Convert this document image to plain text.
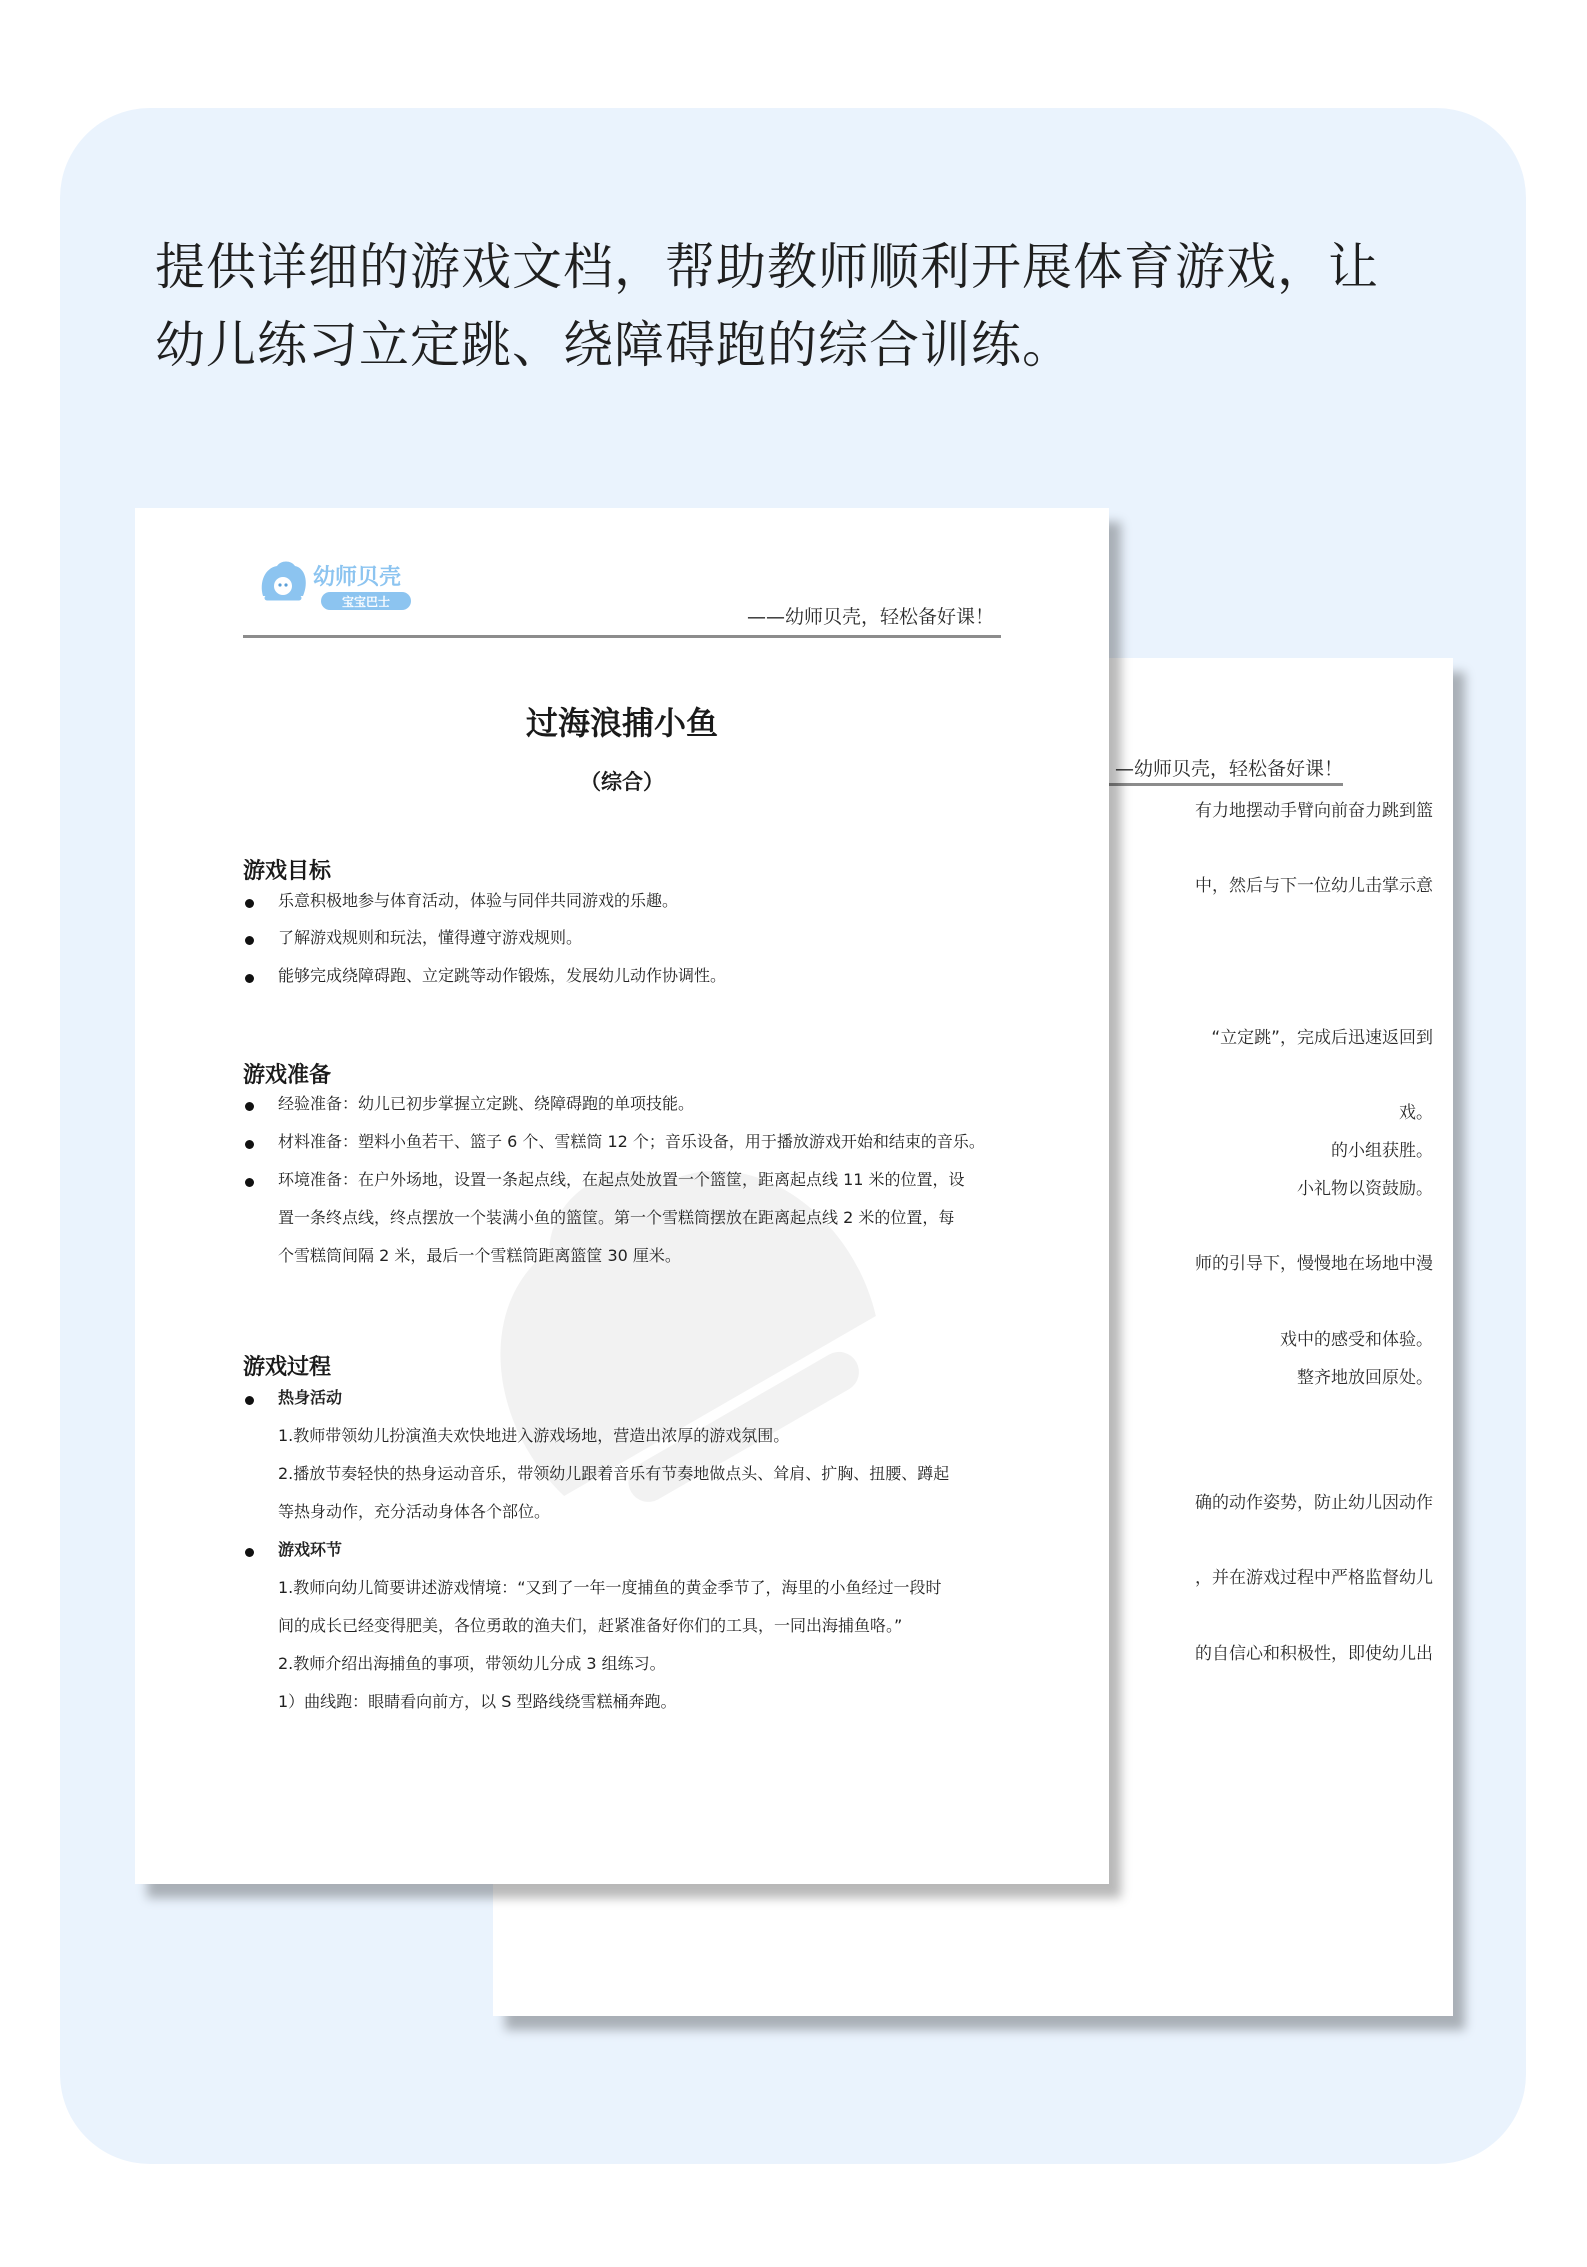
提供详细的游戏文档，帮助教师顺利开展体育游戏，让
幼儿练习立定跳、绕障碍跑的综合训练。
—幼师贝壳，轻松备好课！
有力地摆动手臂向前奋力跳到篮
中，然后与下一位幼儿击掌示意
“立定跳”，完成后迅速返回到
戏。
的小组获胜。
小礼物以资鼓励。
师的引导下，慢慢地在场地中漫
戏中的感受和体验。
整齐地放回原处。
确的动作姿势，防止幼儿因动作
，并在游戏过程中严格监督幼儿
的自信心和积极性，即使幼儿出
幼师贝壳
宝宝巴士
——幼师贝壳，轻松备好课！
过海浪捕小鱼
（综合）
游戏目标
乐意积极地参与体育活动，体验与同伴共同游戏的乐趣。
了解游戏规则和玩法，懂得遵守游戏规则。
能够完成绕障碍跑、立定跳等动作锻炼，发展幼儿动作协调性。
游戏准备
经验准备：幼儿已初步掌握立定跳、绕障碍跑的单项技能。
材料准备：塑料小鱼若干、篮子 6 个、雪糕筒 12 个；音乐设备，用于播放游戏开始和结束的音乐。
环境准备：在户外场地，设置一条起点线，在起点处放置一个篮筐，距离起点线 11 米的位置，设
置一条终点线，终点摆放一个装满小鱼的篮筐。第一个雪糕筒摆放在距离起点线 2 米的位置，每
个雪糕筒间隔 2 米，最后一个雪糕筒距离篮筐 30 厘米。
游戏过程
热身活动
1.教师带领幼儿扮演渔夫欢快地进入游戏场地，营造出浓厚的游戏氛围。
2.播放节奏轻快的热身运动音乐，带领幼儿跟着音乐有节奏地做点头、耸肩、扩胸、扭腰、蹲起
等热身动作，充分活动身体各个部位。
游戏环节
1.教师向幼儿简要讲述游戏情境：“又到了一年一度捕鱼的黄金季节了，海里的小鱼经过一段时
间的成长已经变得肥美，各位勇敢的渔夫们，赶紧准备好你们的工具，一同出海捕鱼咯。”
2.教师介绍出海捕鱼的事项，带领幼儿分成 3 组练习。
1）曲线跑：眼睛看向前方，以 S 型路线绕雪糕桶奔跑。
